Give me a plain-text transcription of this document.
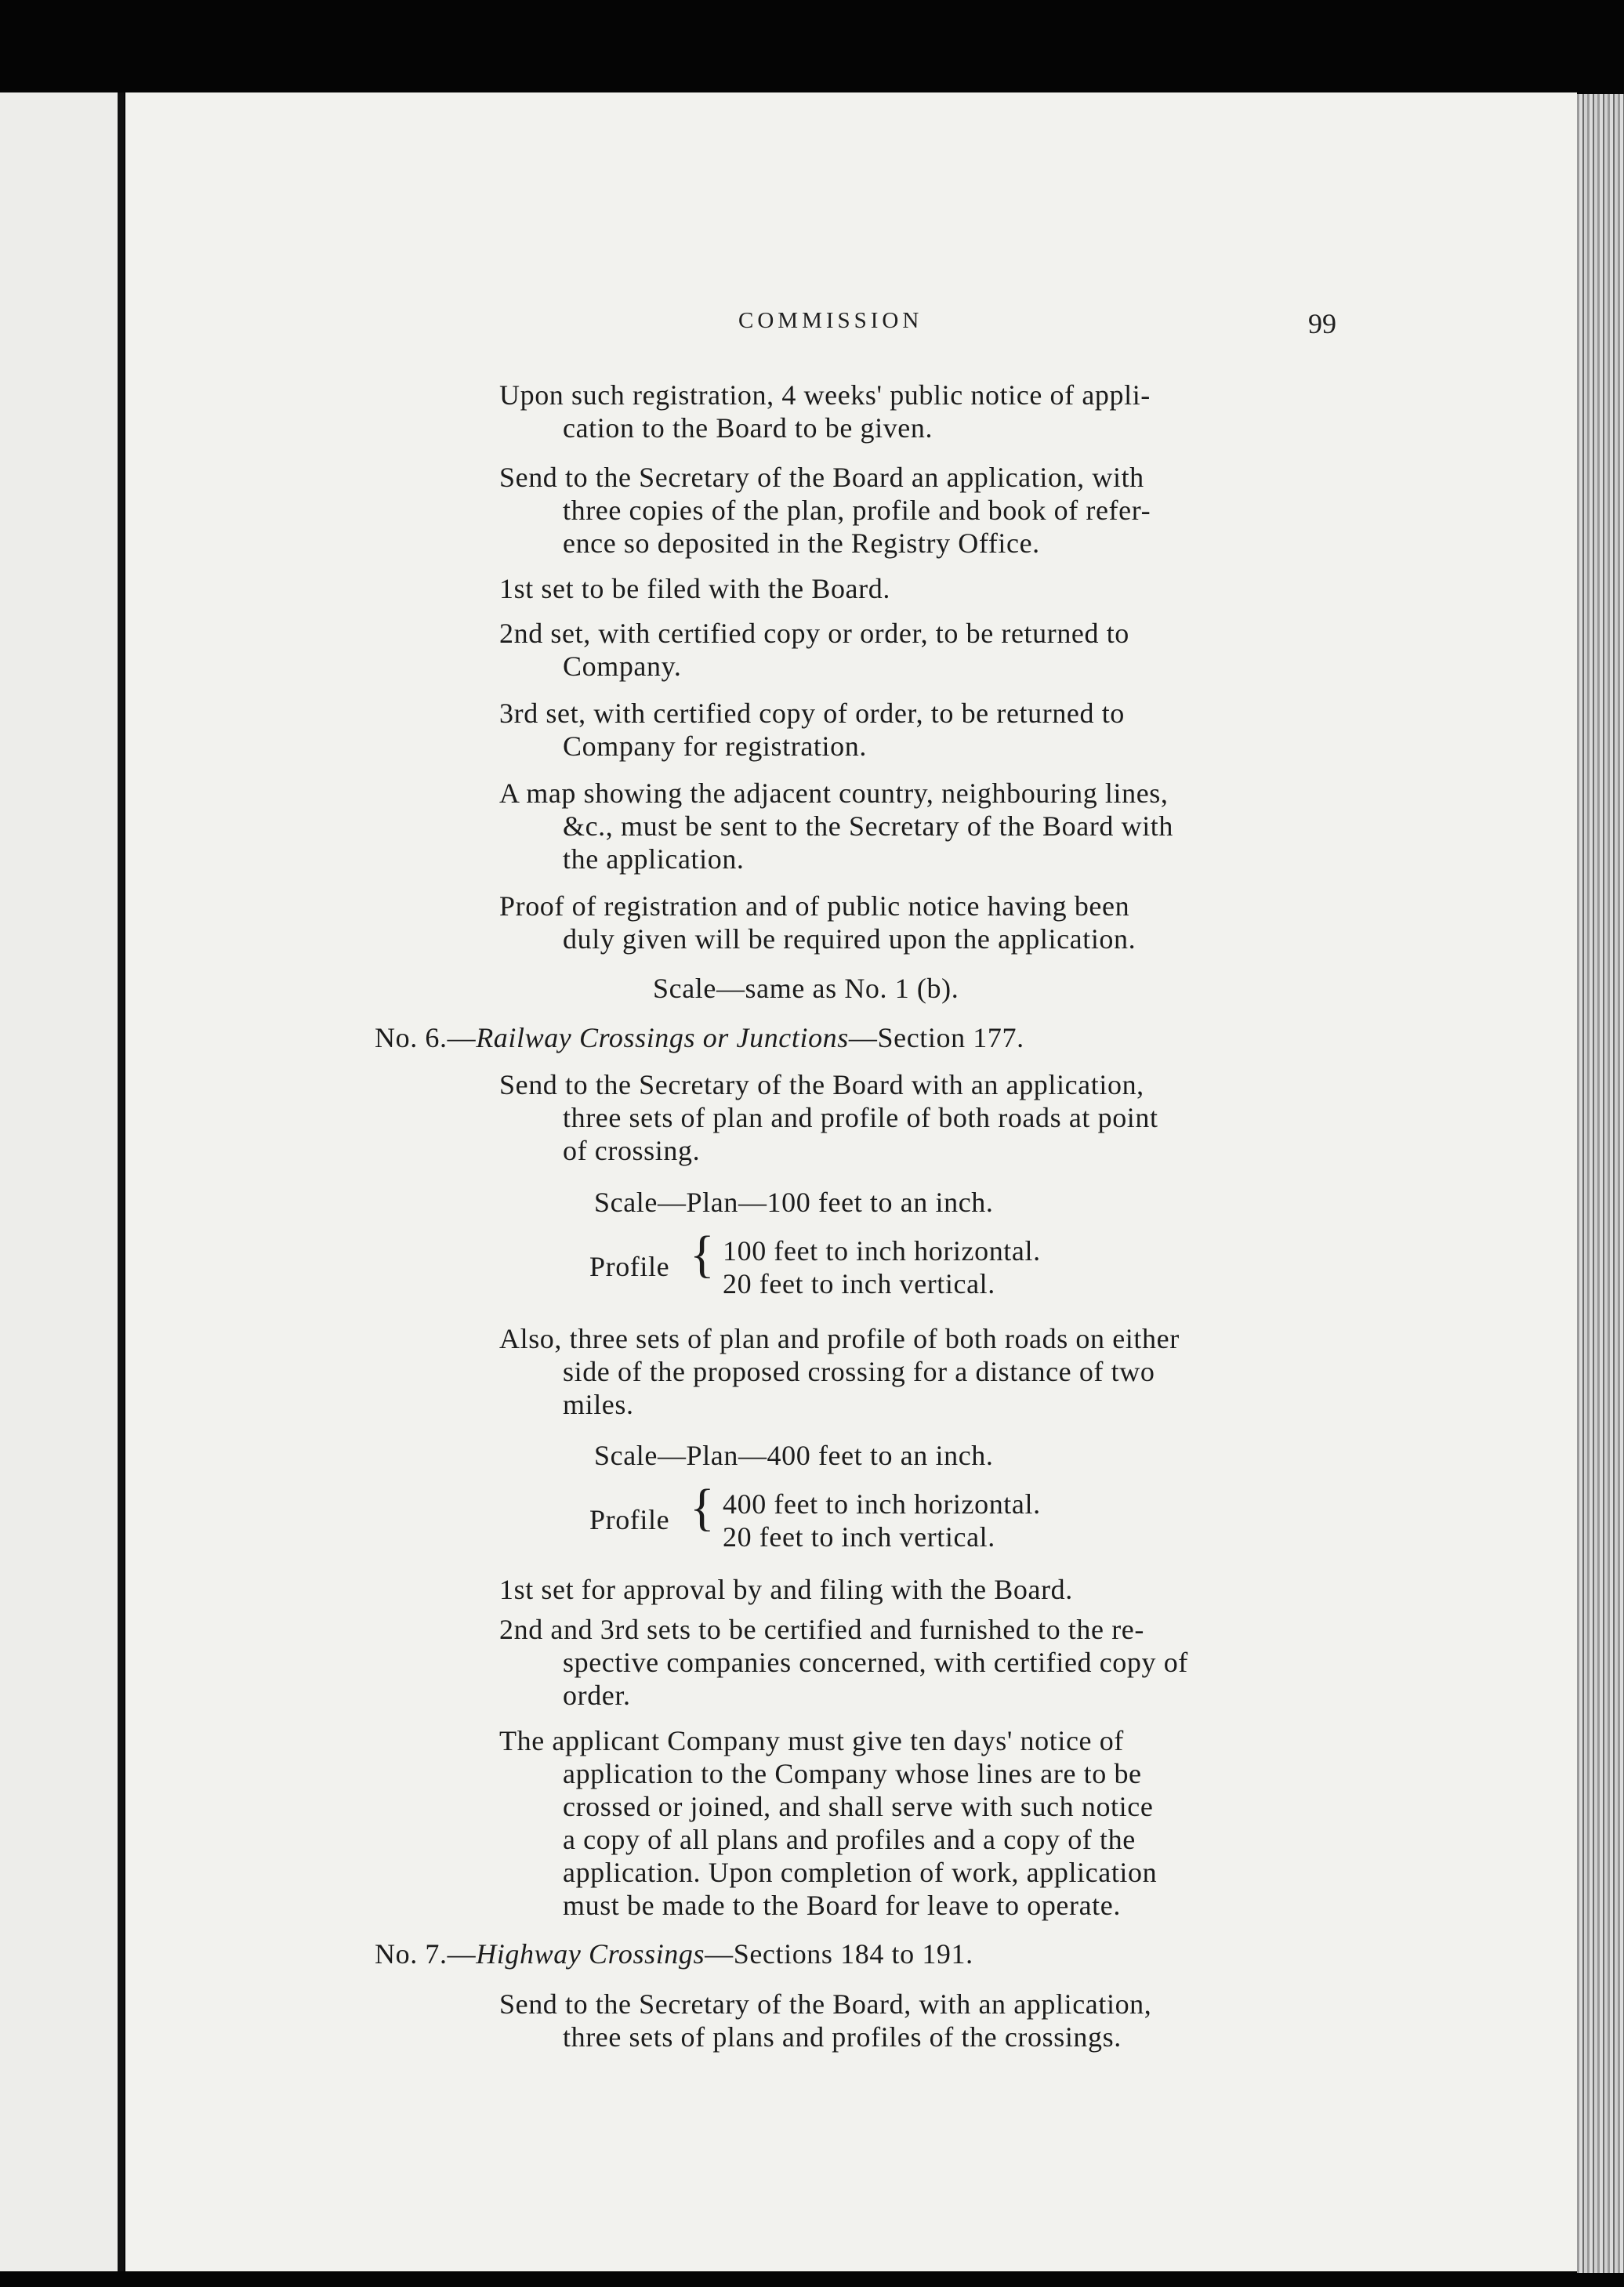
COMMISSION	99
Upon such registration, 4 weeks' public notice of appli-
cation to the Board to be given.
Send to the Secretary of the Board an application, with
three copies of the plan, profile and book of refer-
ence so deposited in the Registry Office.
1st set to be filed with the Board.
2nd set, with certified copy or order, to be returned to
Company.
3rd set, with certified copy of order, to be returned to
Company for registration.
A map showing the adjacent country, neighbouring lines,
&c., must be sent to the Secretary of the Board with
the application.
Proof of registration and of public notice having been
duly given will be required upon the application.
Scale—same as No. 1 (b).
No. 6.—Railway Crossings or Junctions—Section 177.
Send to the Secretary of the Board with an application,
three sets of plan and profile of both roads at point
of crossing.
Scale—Plan—100 feet to an inch.
Profile { 100 feet to inch horizontal.
20 feet to inch vertical.
Also, three sets of plan and profile of both roads on either
side of the proposed crossing for a distance of two
miles.
Scale—Plan—400 feet to an inch.
Profile { 400 feet to inch horizontal.
20 feet to inch vertical.
1st set for approval by and filing with the Board.
2nd and 3rd sets to be certified and furnished to the re-
spective companies concerned, with certified copy of
order.
The applicant Company must give ten days' notice of
application to the Company whose lines are to be
crossed or joined, and shall serve with such notice
a copy of all plans and profiles and a copy of the
application. Upon completion of work, application
must be made to the Board for leave to operate.
No. 7.—Highway Crossings—Sections 184 to 191.
Send to the Secretary of the Board, with an application,
three sets of plans and profiles of the crossings.
